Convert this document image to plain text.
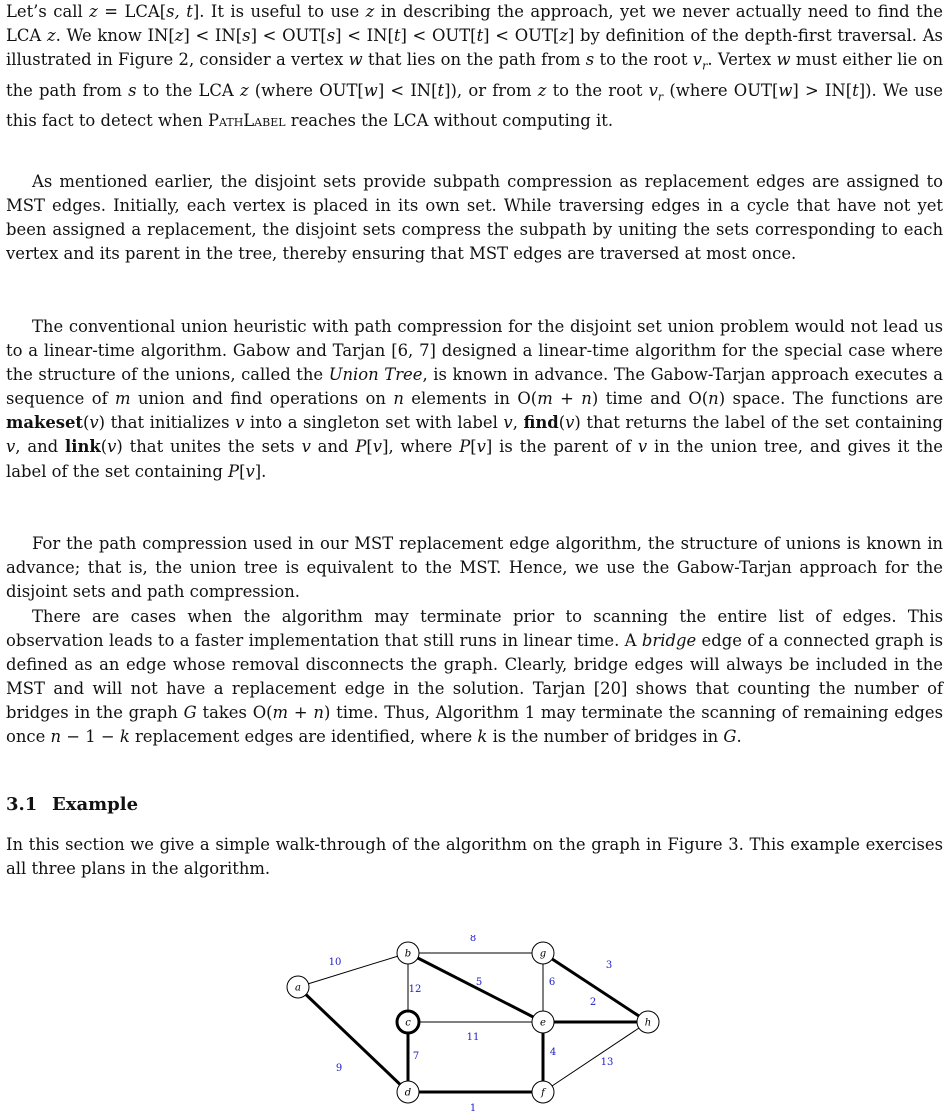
Let’s call z = LCA[s, t]. It is useful to use z in describing the approach, yet we never actually need to find the LCA z. We know IN[z] < IN[s] < OUT[s] < IN[t] < OUT[t] < OUT[z] by definition of the depth-first traversal. As illustrated in Figure 2, consider a vertex w that lies on the path from s to the root $v_r$. Vertex w must either lie on the path from s to the LCA z (where OUT[w] < IN[t]), or from z to the root $v_r$ (where OUT[w] > IN[t]). We use this fact to detect when PathLabel reaches the LCA without computing it.

As mentioned earlier, the disjoint sets provide subpath compression as replacement edges are assigned to MST edges. Initially, each vertex is placed in its own set. While traversing edges in a cycle that have not yet been assigned a replacement, the disjoint sets compress the subpath by uniting the sets corresponding to each vertex and its parent in the tree, thereby ensuring that MST edges are traversed at most once.

The conventional union heuristic with path compression for the disjoint set union problem would not lead us to a linear-time algorithm. Gabow and Tarjan [6, 7] designed a linear-time algorithm for the special case where the structure of the unions, called the Union Tree, is known in advance. The Gabow-Tarjan approach executes a sequence of m union and find operations on n elements in O(m + n) time and O(n) space. The functions are makeset(v) that initializes v into a singleton set with label v, find(v) that returns the label of the set containing v, and link(v) that unites the sets v and P[v], where P[v] is the parent of v in the union tree, and gives it the label of the set containing P[v].

For the path compression used in our MST replacement edge algorithm, the structure of unions is known in advance; that is, the union tree is equivalent to the MST. Hence, we use the Gabow-Tarjan approach for the disjoint sets and path compression.

There are cases when the algorithm may terminate prior to scanning the entire list of edges. This observation leads to a faster implementation that still runs in linear time. A bridge edge of a connected graph is defined as an edge whose removal disconnects the graph. Clearly, bridge edges will always be included in the MST and will not have a replacement edge in the solution. Tarjan [20] shows that counting the number of bridges in the graph G takes O(m + n) time. Thus, Algorithm 1 may terminate the scanning of remaining edges once n − 1 − k replacement edges are identified, where k is the number of bridges in G.

3.1 Example

In this section we give a simple walk-through of the algorithm on the graph in Figure 3. This example exercises all three plans in the algorithm.

10
9
8
5
12
11
7
1
6
3
2
4
13
a
b
c
d
e
f
g
h
